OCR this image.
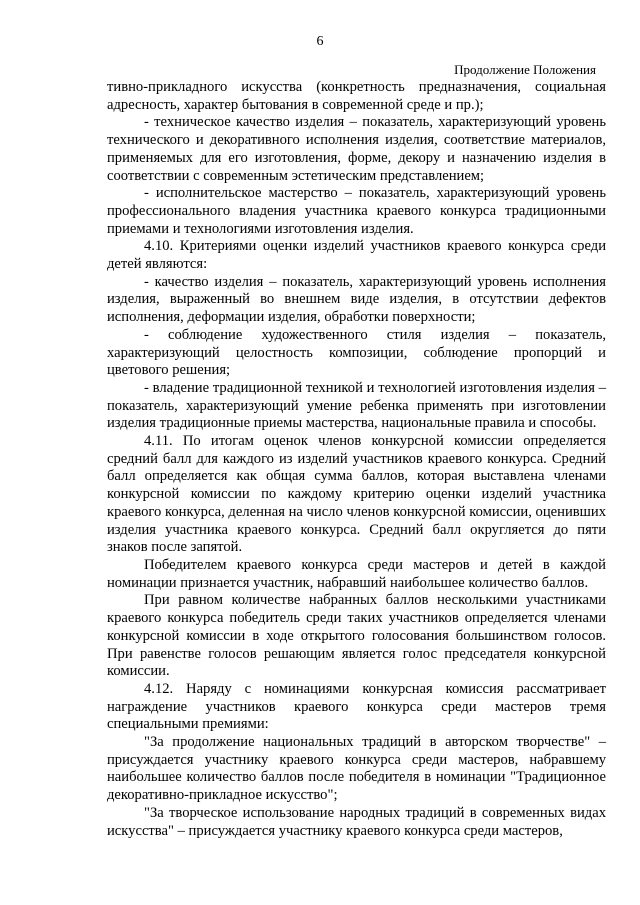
6
Продолжение Положения

тивно-прикладного искусства (конкретность предназначения, социальная адресность, характер бытования в современной среде и пр.);

- техническое качество изделия – показатель, характеризующий уровень технического и декоративного исполнения изделия, соответствие материалов, применяемых для его изготовления, форме, декору и назначению изделия в соответствии с современным эстетическим представлением;

- исполнительское мастерство – показатель, характеризующий уровень профессионального владения участника краевого конкурса традиционными приемами и технологиями изготовления изделия.

4.10. Критериями оценки изделий участников краевого конкурса среди детей являются:

- качество изделия – показатель, характеризующий уровень исполнения изделия, выраженный во внешнем виде изделия, в отсутствии дефектов исполнения, деформации изделия, обработки поверхности;

- соблюдение художественного стиля изделия – показатель, характеризующий целостность композиции, соблюдение пропорций и цветового решения;

- владение традиционной техникой и технологией изготовления изделия – показатель, характеризующий умение ребенка применять при изготовлении изделия традиционные приемы мастерства, национальные правила и способы.

4.11. По итогам оценок членов конкурсной комиссии определяется средний балл для каждого из изделий участников краевого конкурса. Средний балл определяется как общая сумма баллов, которая выставлена членами конкурсной комиссии по каждому критерию оценки изделий участника краевого конкурса, деленная на число членов конкурсной комиссии, оценивших изделия участника краевого конкурса. Средний балл округляется до пяти знаков после запятой.

Победителем краевого конкурса среди мастеров и детей в каждой номинации признается участник, набравший наибольшее количество баллов.

При равном количестве набранных баллов несколькими участниками краевого конкурса победитель среди таких участников определяется членами конкурсной комиссии в ходе открытого голосования большинством голосов. При равенстве голосов решающим является голос председателя конкурсной комиссии.

4.12. Наряду с номинациями конкурсная комиссия рассматривает награждение участников краевого конкурса среди мастеров тремя специальными премиями:

"За продолжение национальных традиций в авторском творчестве" – присуждается участнику краевого конкурса среди мастеров, набравшему наибольшее количество баллов после победителя в номинации "Традиционное декоративно-прикладное искусство";

"За творческое использование народных традиций в современных видах искусства" – присуждается участнику краевого конкурса среди мастеров,
